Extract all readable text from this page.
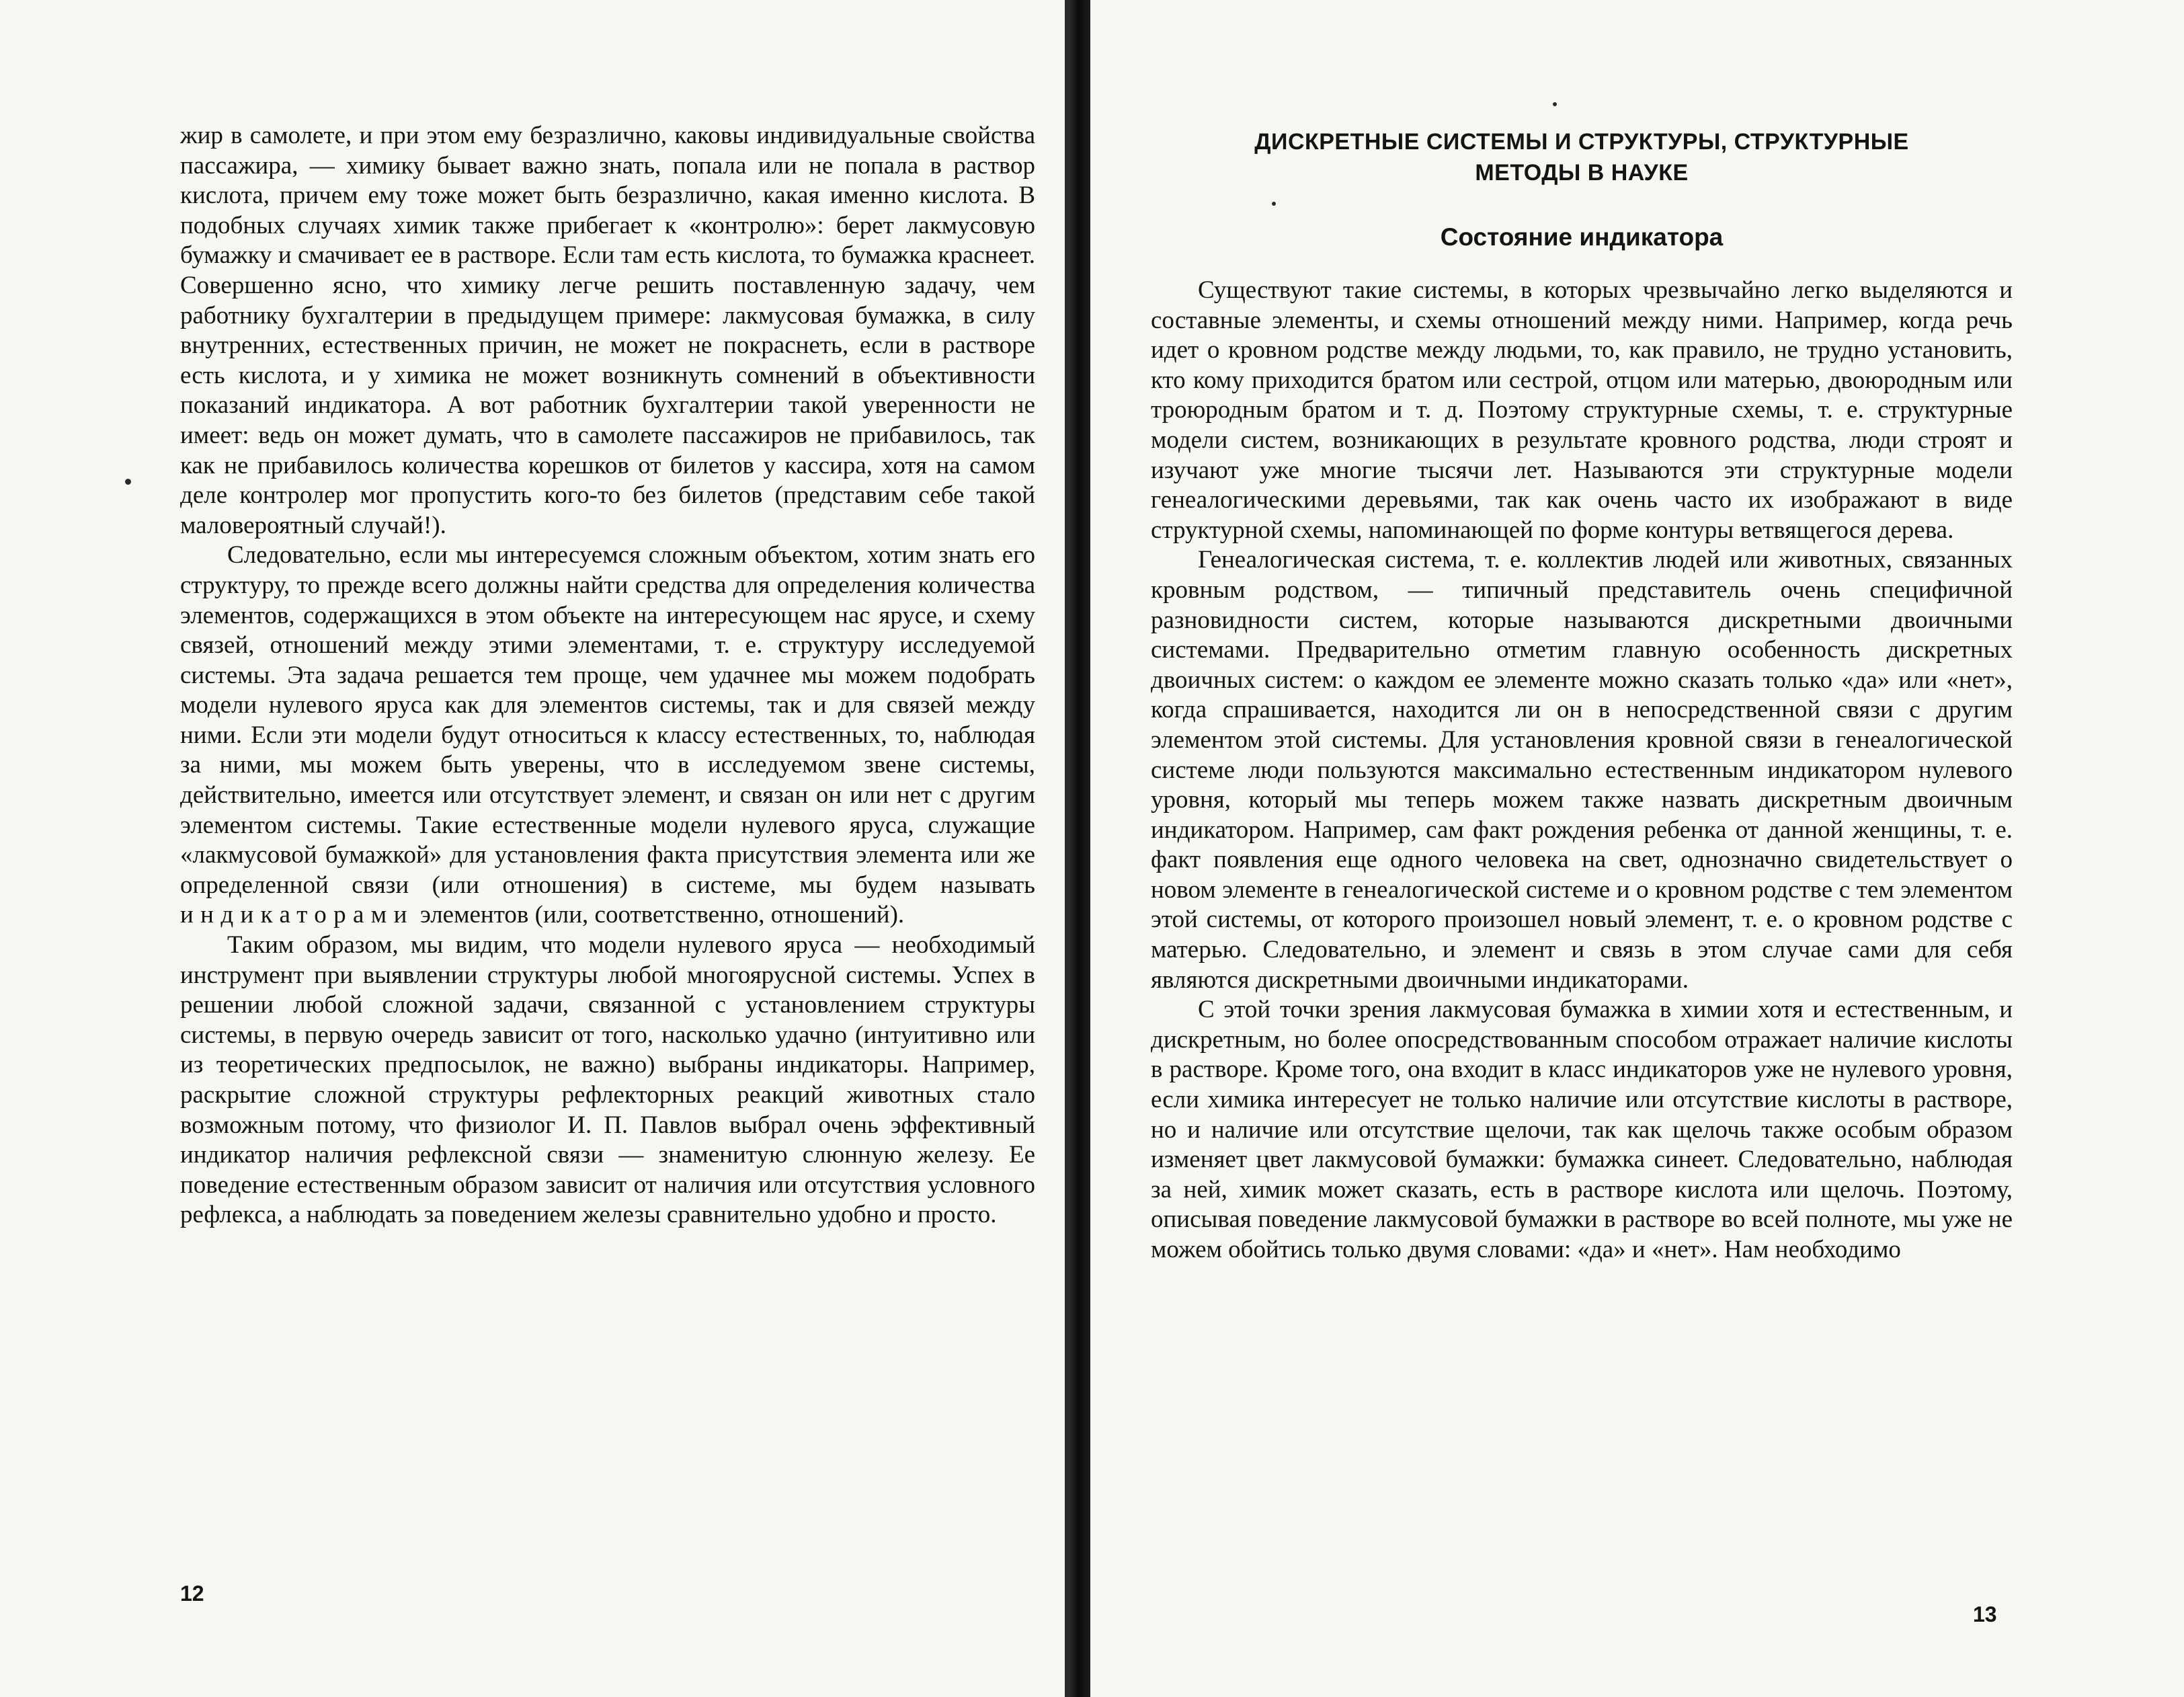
жир в самолете, и при этом ему безразлично, каковы индивидуальные свойства пассажира, — химику бывает важно знать, попала или не попала в раствор кислота, причем ему тоже может быть безразлично, какая именно кислота. В подобных случаях химик также прибегает к «контролю»: берет лакмусовую бумажку и смачивает ее в растворе. Если там есть кислота, то бумажка краснеет. Совершенно ясно, что химику легче решить поставленную задачу, чем работнику бухгалтерии в предыдущем примере: лакмусовая бумажка, в силу внутренних, естественных причин, не может не покраснеть, если в растворе есть кислота, и у химика не может возникнуть сомнений в объективности показаний индикатора. А вот работник бухгалтерии такой уверенности не имеет: ведь он может думать, что в самолете пассажиров не прибавилось, так как не прибавилось количества корешков от билетов у кассира, хотя на самом деле контролер мог пропустить кого-то без билетов (представим себе такой маловероятный случай!).

Следовательно, если мы интересуемся сложным объектом, хотим знать его структуру, то прежде всего должны найти средства для определения количества элементов, содержащихся в этом объекте на интересующем нас ярусе, и схему связей, отношений между этими элементами, т. е. структуру исследуемой системы. Эта задача решается тем проще, чем удачнее мы можем подобрать модели нулевого яруса как для элементов системы, так и для связей между ними. Если эти модели будут относиться к классу естественных, то, наблюдая за ними, мы можем быть уверены, что в исследуемом звене системы, действительно, имеется или отсутствует элемент, и связан он или нет с другим элементом системы. Такие естественные модели нулевого яруса, служащие «лакмусовой бумажкой» для установления факта присутствия элемента или же определенной связи (или отношения) в системе, мы будем называть индикаторами элементов (или, соответственно, отношений).

Таким образом, мы видим, что модели нулевого яруса — необходимый инструмент при выявлении структуры любой многоярусной системы. Успех в решении любой сложной задачи, связанной с установлением структуры системы, в первую очередь зависит от того, насколько удачно (интуитивно или из теоретических предпосылок, не важно) выбраны индикаторы. Например, раскрытие сложной структуры рефлекторных реакций животных стало возможным потому, что физиолог И. П. Павлов выбрал очень эффективный индикатор наличия рефлексной связи — знаменитую слюнную железу. Ее поведение естественным образом зависит от наличия или отсутствия условного рефлекса, а наблюдать за поведением железы сравнительно удобно и просто.

12
ДИСКРЕТНЫЕ СИСТЕМЫ И СТРУКТУРЫ, СТРУКТУРНЫЕ
МЕТОДЫ В НАУКЕ
Состояние индикатора

Существуют такие системы, в которых чрезвычайно легко выделяются и составные элементы, и схемы отношений между ними. Например, когда речь идет о кровном родстве между людьми, то, как правило, не трудно установить, кто кому приходится братом или сестрой, отцом или матерью, двоюродным или троюродным братом и т. д. Поэтому структурные схемы, т. е. структурные модели систем, возникающих в результате кровного родства, люди строят и изучают уже многие тысячи лет. Называются эти структурные модели генеалогическими деревьями, так как очень часто их изображают в виде структурной схемы, напоминающей по форме контуры ветвящегося дерева.

Генеалогическая система, т. е. коллектив людей или животных, связанных кровным родством, — типичный представитель очень специфичной разновидности систем, которые называются дискретными двоичными системами. Предварительно отметим главную особенность дискретных двоичных систем: о каждом ее элементе можно сказать только «да» или «нет», когда спрашивается, находится ли он в непосредственной связи с другим элементом этой системы. Для установления кровной связи в генеалогической системе люди пользуются максимально естественным индикатором нулевого уровня, который мы теперь можем также назвать дискретным двоичным индикатором. Например, сам факт рождения ребенка от данной женщины, т. е. факт появления еще одного человека на свет, однозначно свидетельствует о новом элементе в генеалогической системе и о кровном родстве с тем элементом этой системы, от которого произошел новый элемент, т. е. о кровном родстве с матерью. Следовательно, и элемент и связь в этом случае сами для себя являются дискретными двоичными индикаторами.

С этой точки зрения лакмусовая бумажка в химии хотя и естественным, и дискретным, но более опосредствованным способом отражает наличие кислоты в растворе. Кроме того, она входит в класс индикаторов уже не нулевого уровня, если химика интересует не только наличие или отсутствие кислоты в растворе, но и наличие или отсутствие щелочи, так как щелочь также особым образом изменяет цвет лакмусовой бумажки: бумажка синеет. Следовательно, наблюдая за ней, химик может сказать, есть в растворе кислота или щелочь. Поэтому, описывая поведение лакмусовой бумажки в растворе во всей полноте, мы уже не можем обойтись только двумя словами: «да» и «нет». Нам необходимо

13
